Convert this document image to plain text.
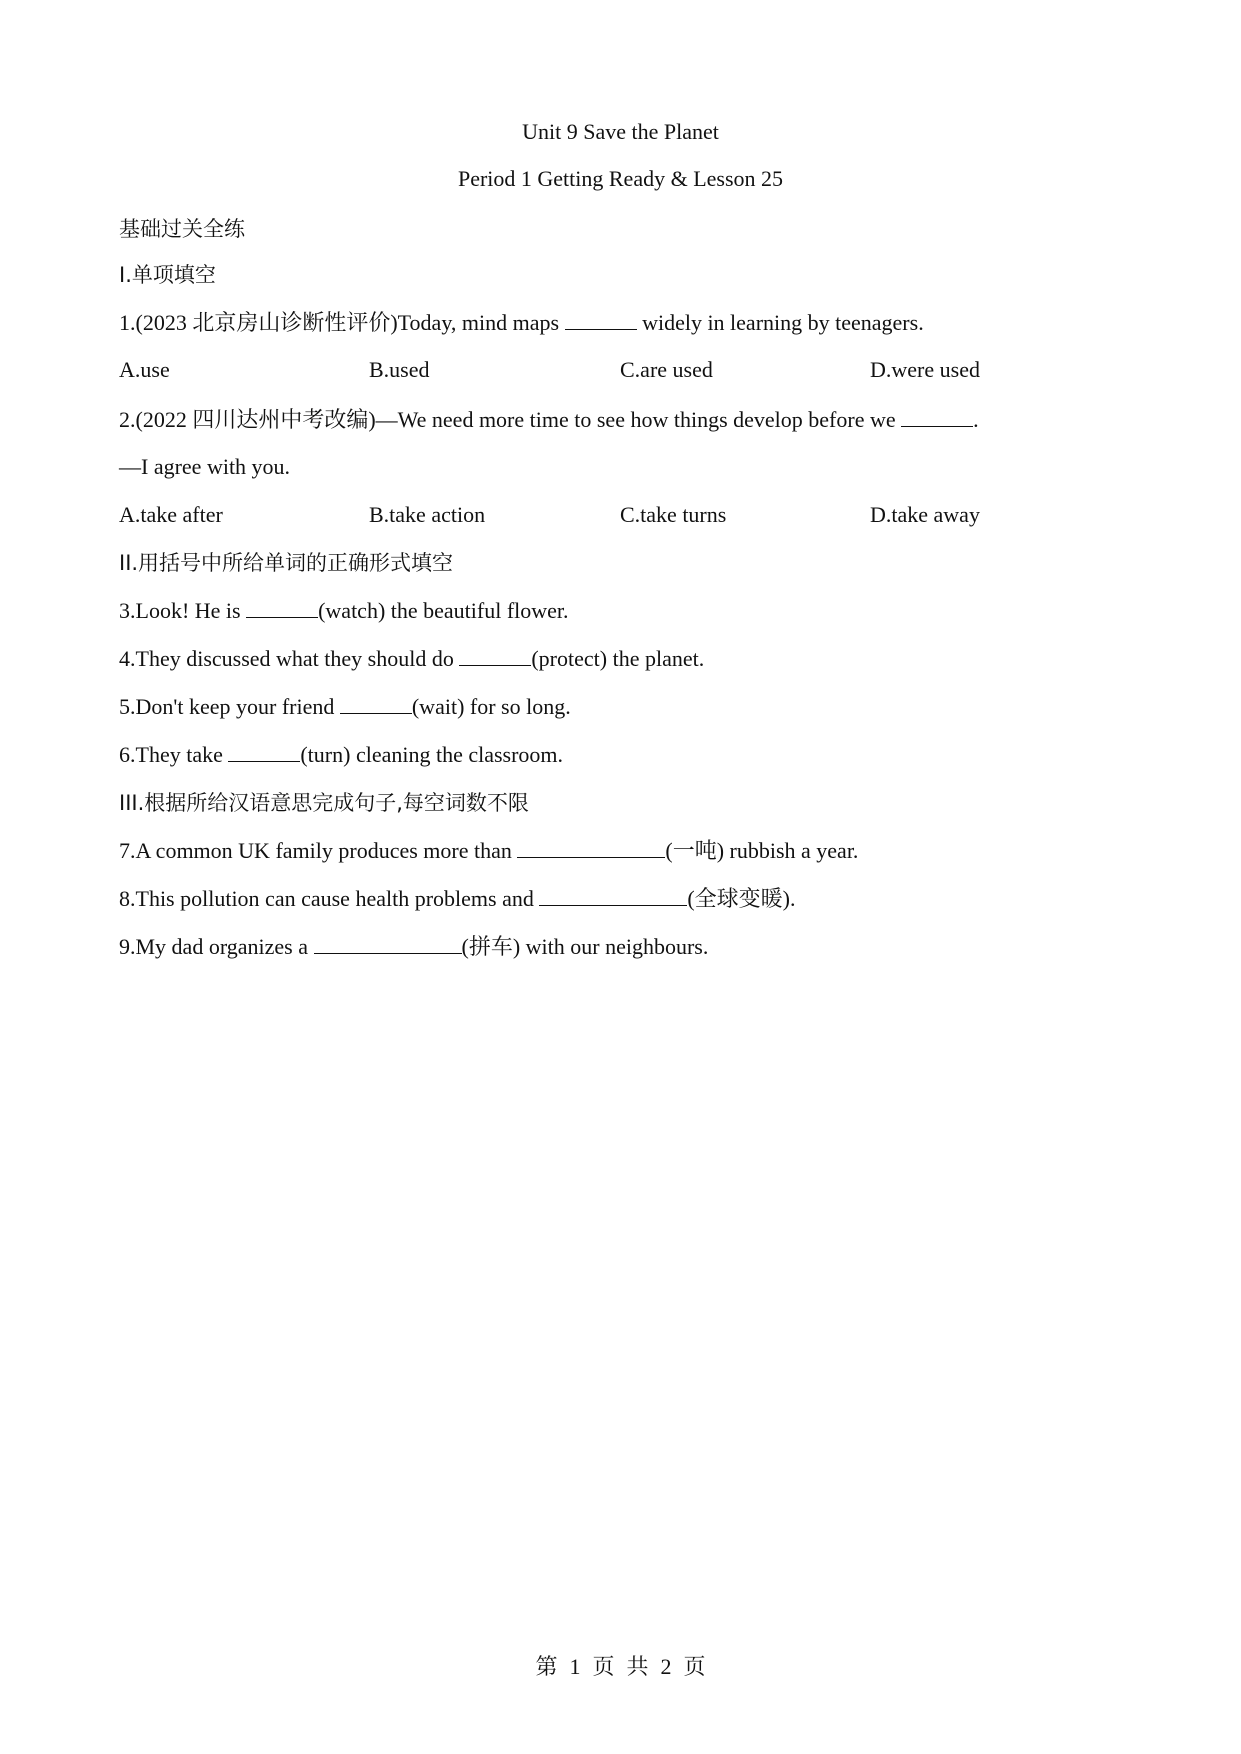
Unit 9 Save the Planet
Period 1 Getting Ready & Lesson 25
基础过关全练
I.单项填空
1.(2023 北京房山诊断性评价)Today, mind maps	widely in learning by teenagers.
A.use	B.used	C.are used	D.were used
2.(2022 四川达州中考改编)—We need more time to see how things develop before we	.
—I agree with you.
A.take after	B.take action	C.take turns	D.take away
II.用括号中所给单词的正确形式填空
3.Look! He is	(watch) the beautiful flower.
4.They discussed what they should do	(protect) the planet.
5.Don't keep your friend	(wait) for so long.
6.They take	(turn) cleaning the classroom.
III.根据所给汉语意思完成句子,每空词数不限
7.A common UK family produces more than	(一吨) rubbish a year.
8.This pollution can cause health problems and	(全球变暖).
9.My dad organizes a	(拼车) with our neighbours.
第 1 页 共 2 页
